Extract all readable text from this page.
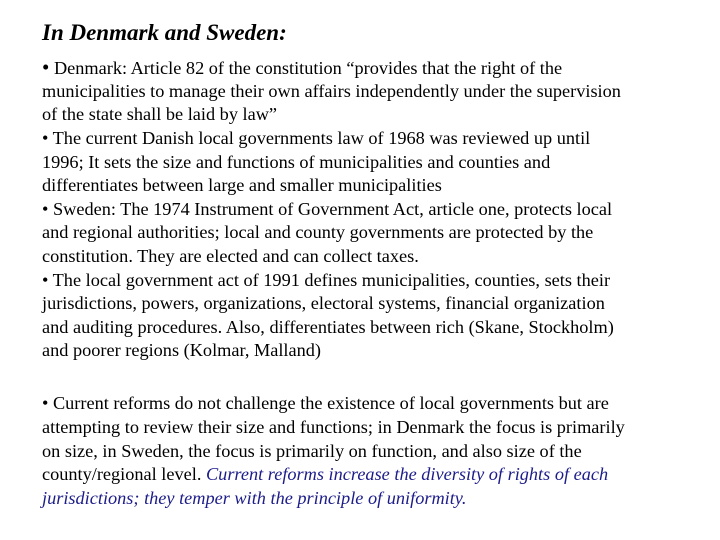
In Denmark and Sweden:
• Denmark: Article 82 of the constitution “provides that the right of the
municipalities to manage their own affairs independently under the supervision
of the state shall be laid by law”
• The current Danish local governments law of 1968 was reviewed up until
1996; It sets the size and functions of municipalities and counties and
differentiates between large and smaller municipalities
• Sweden: The 1974 Instrument of Government Act, article one, protects local
and regional authorities; local and county governments are protected by the
constitution. They are elected and can collect taxes.
• The local government act of 1991 defines municipalities, counties, sets their
jurisdictions, powers, organizations, electoral systems, financial organization
and auditing procedures. Also, differentiates between rich (Skane, Stockholm)
and poorer regions (Kolmar, Malland)
• Current reforms do not challenge the existence of local governments but are
attempting to review their size and functions; in Denmark the focus is primarily
on size, in Sweden, the focus is primarily on function, and also size of the
county/regional level. Current reforms increase the diversity of rights of each
jurisdictions; they temper with the principle of uniformity.
